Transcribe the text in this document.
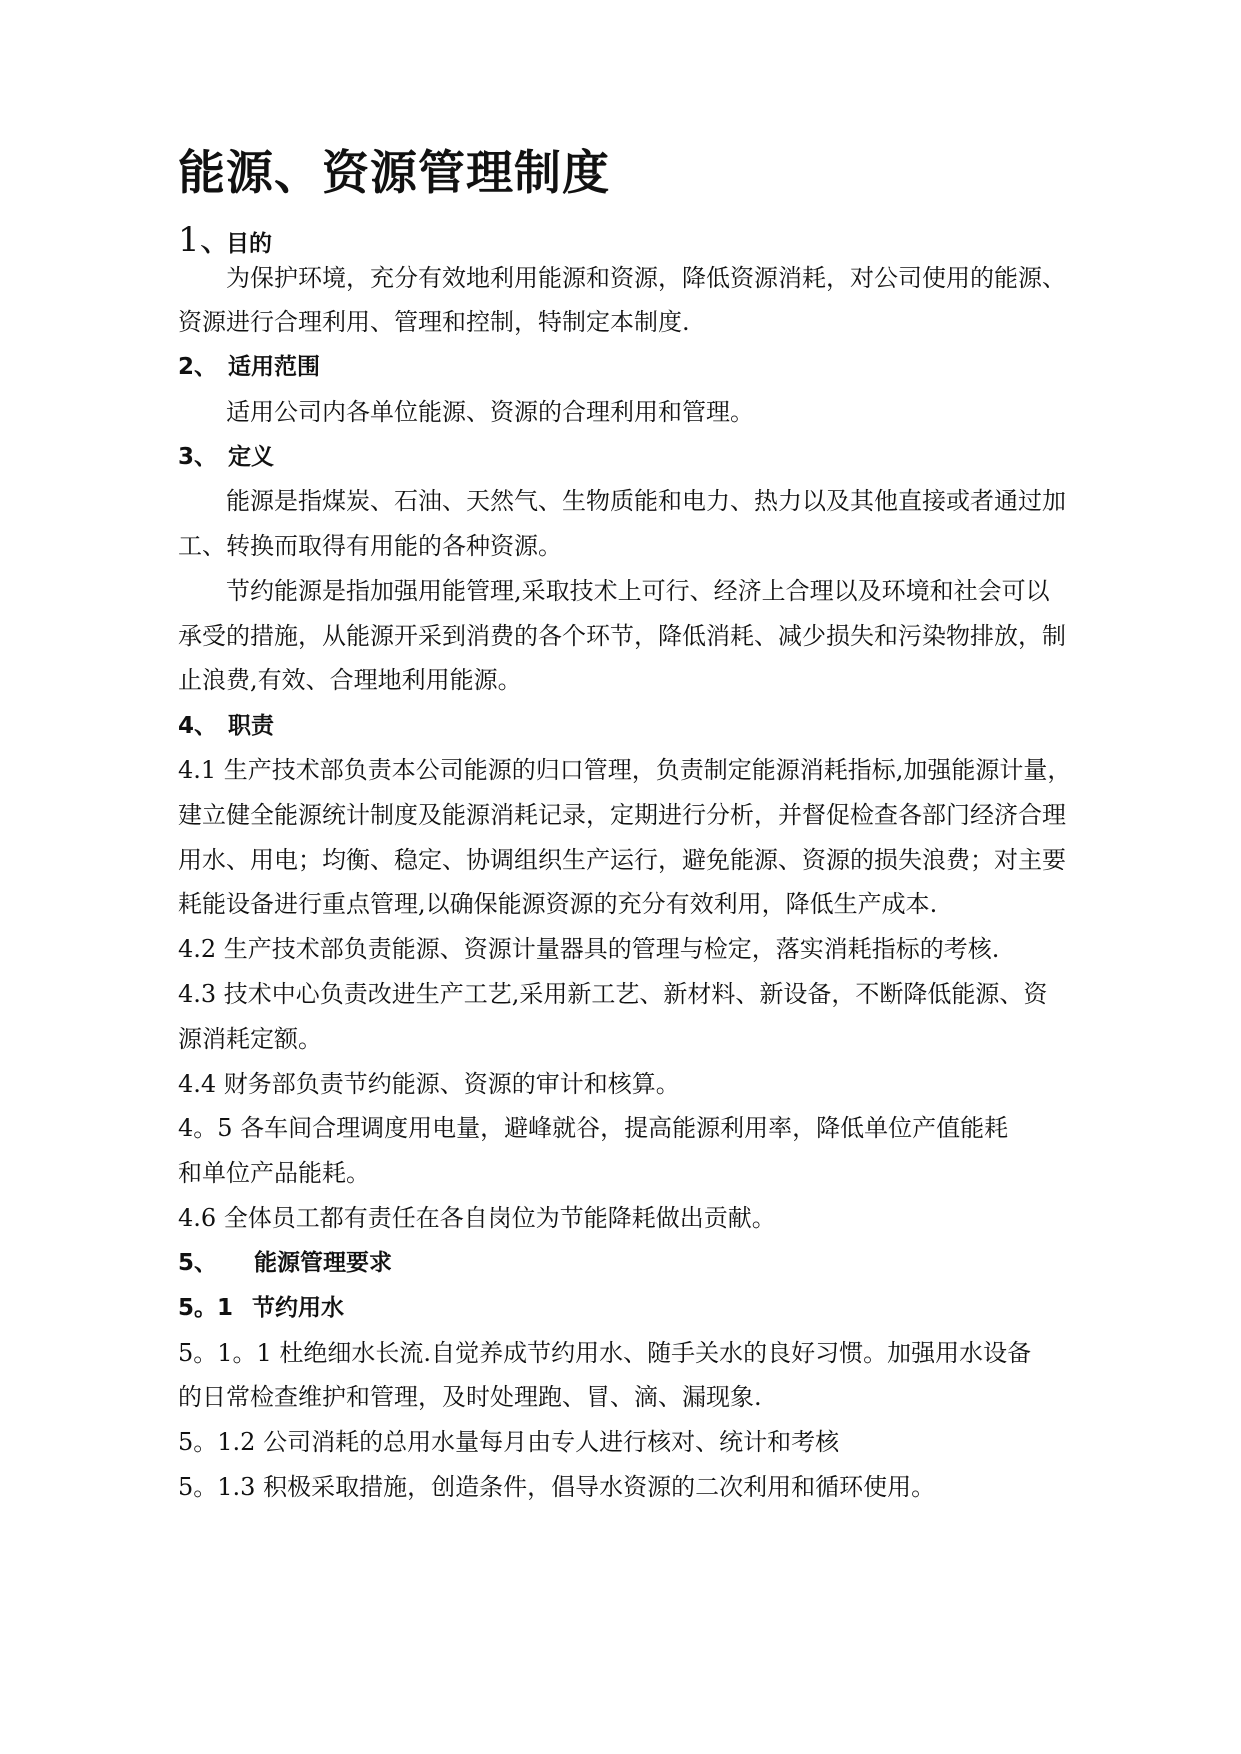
能源、资源管理制度
1、目的
为保护环境，充分有效地利用能源和资源，降低资源消耗，对公司使用的能源、
资源进行合理利用、管理和控制，特制定本制度.
2、 适用范围
适用公司内各单位能源、资源的合理利用和管理。
3、 定义
能源是指煤炭、石油、天然气、生物质能和电力、热力以及其他直接或者通过加
工、转换而取得有用能的各种资源。
节约能源是指加强用能管理,采取技术上可行、经济上合理以及环境和社会可以
承受的措施，从能源开采到消费的各个环节，降低消耗、减少损失和污染物排放，制
止浪费,有效、合理地利用能源。
4、 职责
4.1 生产技术部负责本公司能源的归口管理，负责制定能源消耗指标,加强能源计量，
建立健全能源统计制度及能源消耗记录，定期进行分析，并督促检查各部门经济合理
用水、用电；均衡、稳定、协调组织生产运行，避免能源、资源的损失浪费；对主要
耗能设备进行重点管理,以确保能源资源的充分有效利用，降低生产成本.
4.2 生产技术部负责能源、资源计量器具的管理与检定，落实消耗指标的考核.
4.3 技术中心负责改进生产工艺,采用新工艺、新材料、新设备，不断降低能源、资
源消耗定额。
4.4 财务部负责节约能源、资源的审计和核算。
4。5 各车间合理调度用电量，避峰就谷，提高能源利用率，降低单位产值能耗
和单位产品能耗。
4.6 全体员工都有责任在各自岗位为节能降耗做出贡献。
5、 能源管理要求
5。1 节约用水
5。1。1 杜绝细水长流.自觉养成节约用水、随手关水的良好习惯。加强用水设备
的日常检查维护和管理，及时处理跑、冒、滴、漏现象.
5。1.2 公司消耗的总用水量每月由专人进行核对、统计和考核
5。1.3 积极采取措施，创造条件，倡导水资源的二次利用和循环使用。
